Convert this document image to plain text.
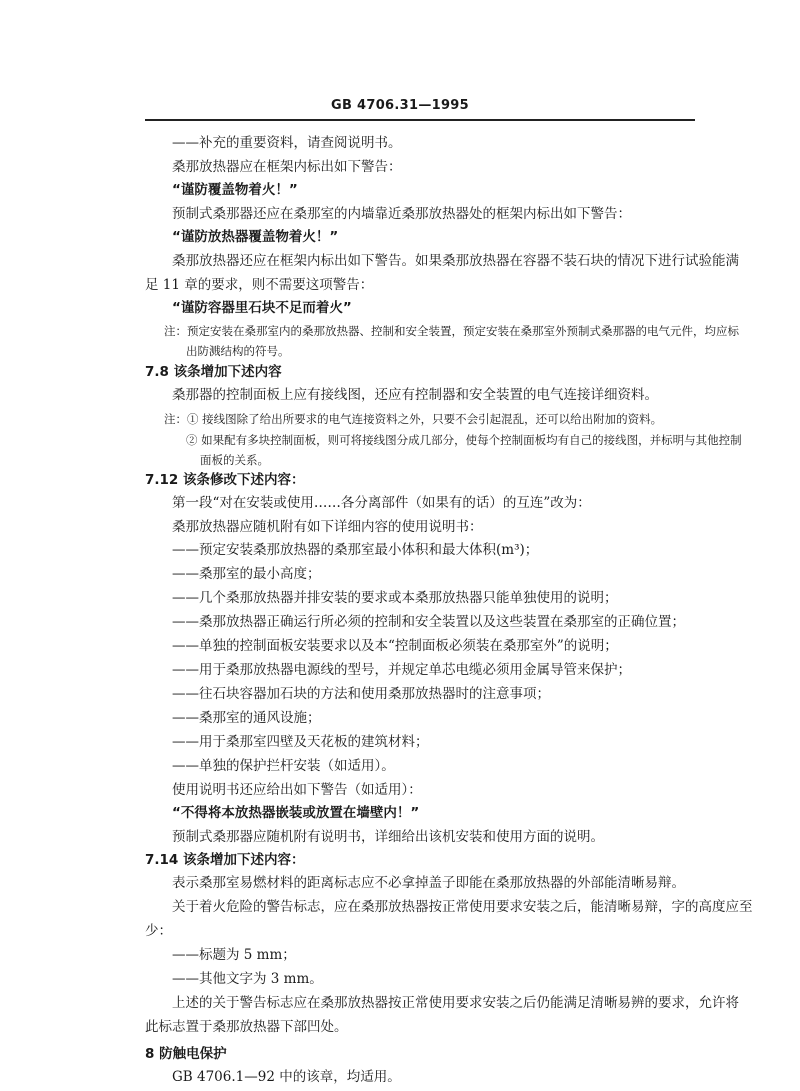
GB 4706.31—1995
——补充的重要资料，请查阅说明书。
桑那放热器应在框架内标出如下警告：
“谨防覆盖物着火！”
预制式桑那器还应在桑那室的内墙靠近桑那放热器处的框架内标出如下警告：
“谨防放热器覆盖物着火！”
桑那放热器还应在框架内标出如下警告。如果桑那放热器在容器不装石块的情况下进行试验能满
足 11 章的要求，则不需要这项警告：
“谨防容器里石块不足而着火”
注：预定安装在桑那室内的桑那放热器、控制和安全装置，预定安装在桑那室外预制式桑那器的电气元件，均应标
出防溅结构的符号。
7.8 该条增加下述内容
桑那器的控制面板上应有接线图，还应有控制器和安全装置的电气连接详细资料。
注：① 接线图除了给出所要求的电气连接资料之外，只要不会引起混乱，还可以给出附加的资料。
② 如果配有多块控制面板，则可将接线图分成几部分，使每个控制面板均有自己的接线图，并标明与其他控制
面板的关系。
7.12 该条修改下述内容：
第一段“对在安装或使用……各分离部件（如果有的话）的互连”改为：
桑那放热器应随机附有如下详细内容的使用说明书：
——预定安装桑那放热器的桑那室最小体积和最大体积(m³)；
——桑那室的最小高度；
——几个桑那放热器并排安装的要求或本桑那放热器只能单独使用的说明；
——桑那放热器正确运行所必须的控制和安全装置以及这些装置在桑那室的正确位置；
——单独的控制面板安装要求以及本“控制面板必须装在桑那室外”的说明；
——用于桑那放热器电源线的型号，并规定单芯电缆必须用金属导管来保护；
——往石块容器加石块的方法和使用桑那放热器时的注意事项；
——桑那室的通风设施；
——用于桑那室四壁及天花板的建筑材料；
——单独的保护拦杆安装（如适用）。
使用说明书还应给出如下警告（如适用）：
“不得将本放热器嵌装或放置在墙壁内！”
预制式桑那器应随机附有说明书，详细给出该机安装和使用方面的说明。
7.14 该条增加下述内容：
表示桑那室易燃材料的距离标志应不必拿掉盖子即能在桑那放热器的外部能清晰易辩。
关于着火危险的警告标志，应在桑那放热器按正常使用要求安装之后，能清晰易辩，字的高度应至
少：
——标题为 5 mm；
——其他文字为 3 mm。
上述的关于警告标志应在桑那放热器按正常使用要求安装之后仍能满足清晰易辨的要求，允许将
此标志置于桑那放热器下部凹处。
8 防触电保护
GB 4706.1—92 中的该章，均适用。
